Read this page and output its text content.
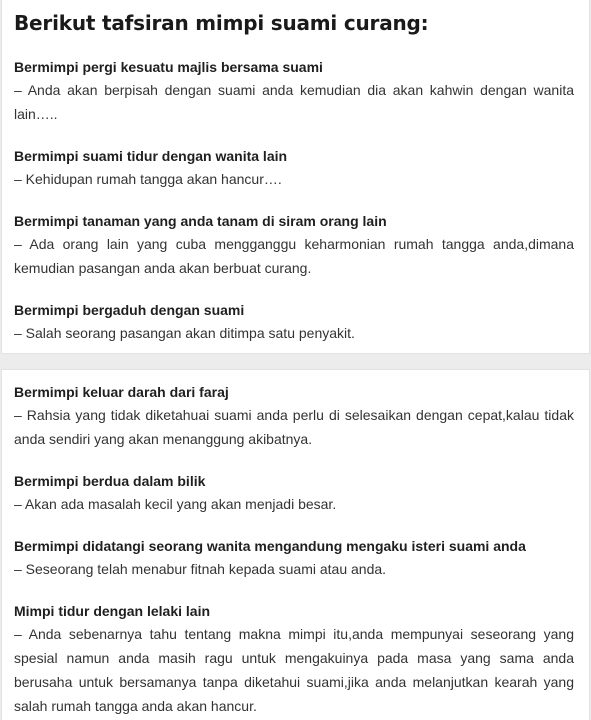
Berikut tafsiran mimpi suami curang:

Bermimpi pergi kesuatu majlis bersama suami

– Anda akan berpisah dengan suami anda kemudian dia akan kahwin dengan wanita lain…..

Bermimpi suami tidur dengan wanita lain

– Kehidupan rumah tangga akan hancur….

Bermimpi tanaman yang anda tanam di siram orang lain

– Ada orang lain yang cuba mengganggu keharmonian rumah tangga anda,dimana kemudian pasangan anda akan berbuat curang.

Bermimpi bergaduh dengan suami

– Salah seorang pasangan akan ditimpa satu penyakit.

Bermimpi keluar darah dari faraj

– Rahsia yang tidak diketahuai suami anda perlu di selesaikan dengan cepat,kalau tidak anda sendiri yang akan menanggung akibatnya.

Bermimpi berdua dalam bilik

– Akan ada masalah kecil yang akan menjadi besar.

Bermimpi didatangi seorang wanita mengandung mengaku isteri suami anda

– Seseorang telah menabur fitnah kepada suami atau anda.

Mimpi tidur dengan lelaki lain

– Anda sebenarnya tahu tentang makna mimpi itu,anda mempunyai seseorang yang spesial namun anda masih ragu untuk mengakuinya pada masa yang sama anda berusaha untuk bersamanya tanpa diketahui suami,jika anda melanjutkan kearah yang salah rumah tangga anda akan hancur.
